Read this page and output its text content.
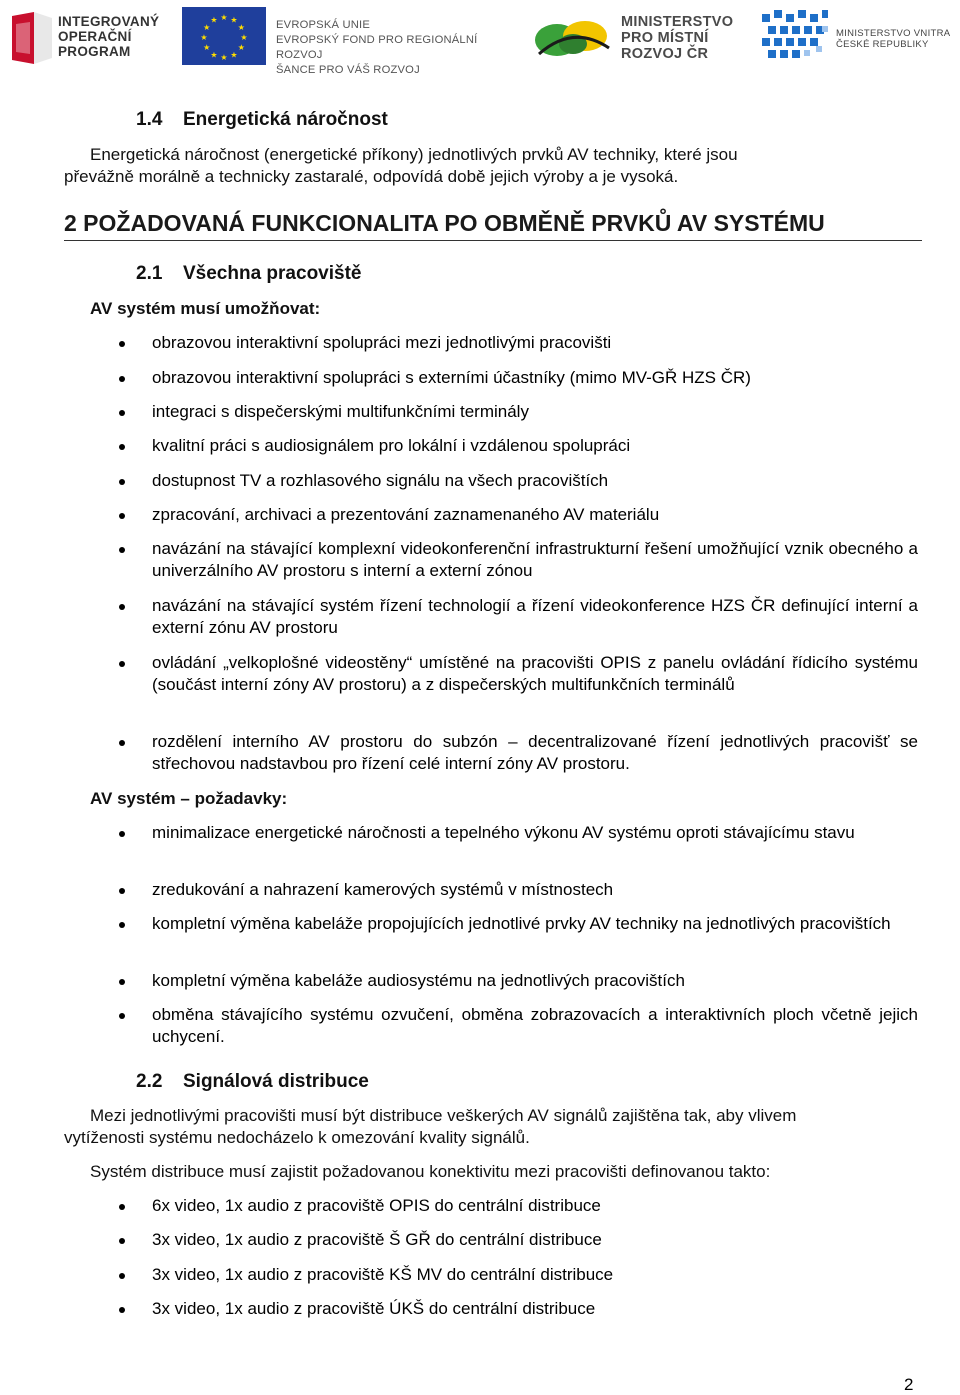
INTEGROVANÝ
OPERAČNÍ
PROGRAM
★ ★
★
★
★
★
★
★
★
★
★
★	EVROPSKÁ UNIE
EVROPSKÝ FOND PRO REGIONÁLNÍ ROZVOJ
ŠANCE PRO VÁŠ ROZVOJ
MINISTERSTVO
PRO MÍSTNÍ
ROZVOJ ČR
MINISTERSTVO VNITRA
ČESKÉ REPUBLIKY
1.4 Energetická náročnost
Energetická náročnost (energetické příkony) jednotlivých prvků AV techniky, které jsou
převážně morálně a technicky zastaralé, odpovídá době jejich výroby a je vysoká.
2 POŽADOVANÁ FUNKCIONALITA PO OBMĚNĚ PRVKŮ AV SYSTÉMU
2.1 Všechna pracoviště
AV systém musí umožňovat:
obrazovou interaktivní spolupráci mezi jednotlivými pracovišti
obrazovou interaktivní spolupráci s externími účastníky (mimo MV-GŘ HZS ČR)
integraci s dispečerskými multifunkčními terminály
kvalitní práci s audiosignálem pro lokální i vzdálenou spolupráci
dostupnost TV a rozhlasového signálu na všech pracovištích
zpracování, archivaci a prezentování zaznamenaného AV materiálu
navázání na stávající komplexní videokonferenční infrastrukturní řešení umožňující vznik obecného a univerzálního AV prostoru s interní a externí zónou
navázání na stávající systém řízení technologií a řízení videokonference HZS ČR definující interní a externí zónu AV prostoru
ovládání „velkoplošné videostěny“ umístěné na pracovišti OPIS z panelu ovládání řídicího systému (součást interní zóny AV prostoru) a z dispečerských multifunkčních terminálů
rozdělení interního AV prostoru do subzón – decentralizované řízení jednotlivých pracovišť se střechovou nadstavbou pro řízení celé interní zóny AV prostoru.
AV systém – požadavky:
minimalizace energetické náročnosti a tepelného výkonu AV systému oproti stávajícímu stavu
zredukování a nahrazení kamerových systémů v místnostech
kompletní výměna kabeláže propojujících jednotlivé prvky AV techniky na jednotlivých pracovištích
kompletní výměna kabeláže audiosystému na jednotlivých pracovištích
obměna stávajícího systému ozvučení, obměna zobrazovacích a interaktivních ploch včetně jejich uchycení.
2.2 Signálová distribuce
Mezi jednotlivými pracovišti musí být distribuce veškerých AV signálů zajištěna tak, aby vlivem
vytíženosti systému nedocházelo k omezování kvality signálů.
Systém distribuce musí zajistit požadovanou konektivitu mezi pracovišti definovanou takto:
6x video, 1x audio z pracoviště OPIS do centrální distribuce
3x video, 1x audio z pracoviště Š GŘ do centrální distribuce
3x video, 1x audio z pracoviště KŠ MV do centrální distribuce
3x video, 1x audio z pracoviště ÚKŠ do centrální distribuce
2
